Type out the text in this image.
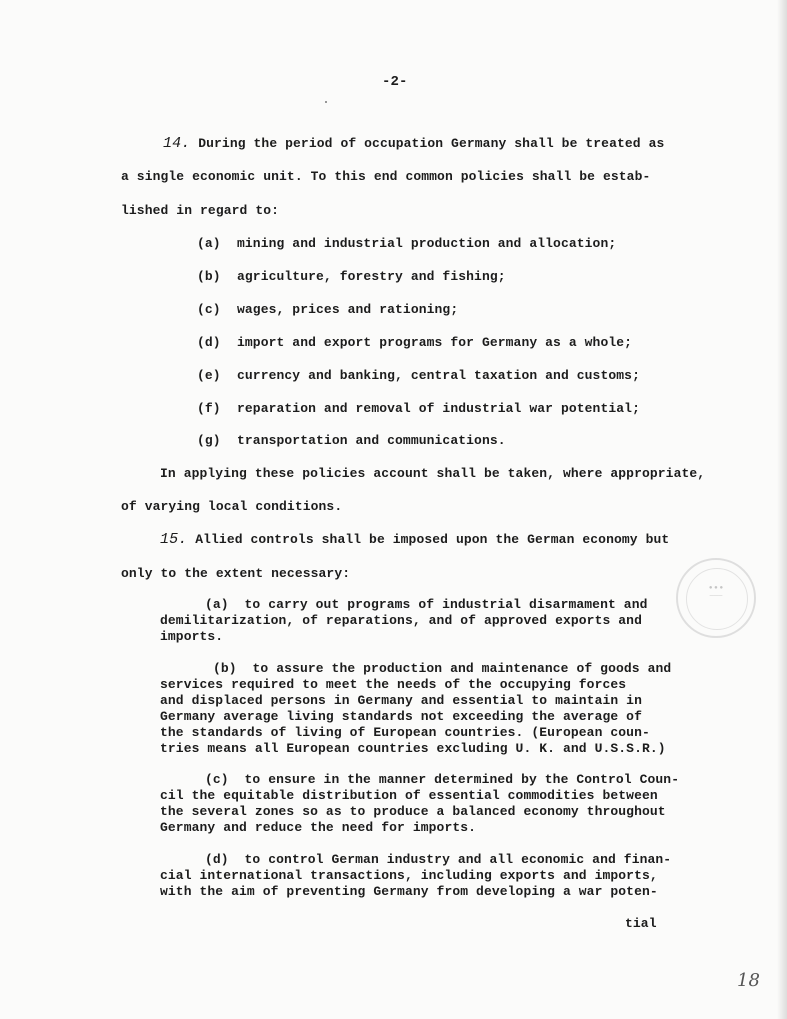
-2-
14. During the period of occupation Germany shall be treated as
a single economic unit. To this end common policies shall be estab-
lished in regard to:
(a) mining and industrial production and allocation;
(b) agriculture, forestry and fishing;
(c) wages, prices and rationing;
(d) import and export programs for Germany as a whole;
(e) currency and banking, central taxation and customs;
(f) reparation and removal of industrial war potential;
(g) transportation and communications.
In applying these policies account shall be taken, where appropriate,
of varying local conditions.
15. Allied controls shall be imposed upon the German economy but
only to the extent necessary:
(a) to carry out programs of industrial disarmament and
demilitarization, of reparations, and of approved exports and
imports.
(b) to assure the production and maintenance of goods and
services required to meet the needs of the occupying forces
and displaced persons in Germany and essential to maintain in
Germany average living standards not exceeding the average of
the standards of living of European countries. (European coun-
tries means all European countries excluding U. K. and U.S.S.R.)
(c) to ensure in the manner determined by the Control Coun-
cil the equitable distribution of essential commodities between
the several zones so as to produce a balanced economy throughout
Germany and reduce the need for imports.
(d) to control German industry and all economic and finan-
cial international transactions, including exports and imports,
with the aim of preventing Germany from developing a war poten-
tial
● ● ●
───
18
